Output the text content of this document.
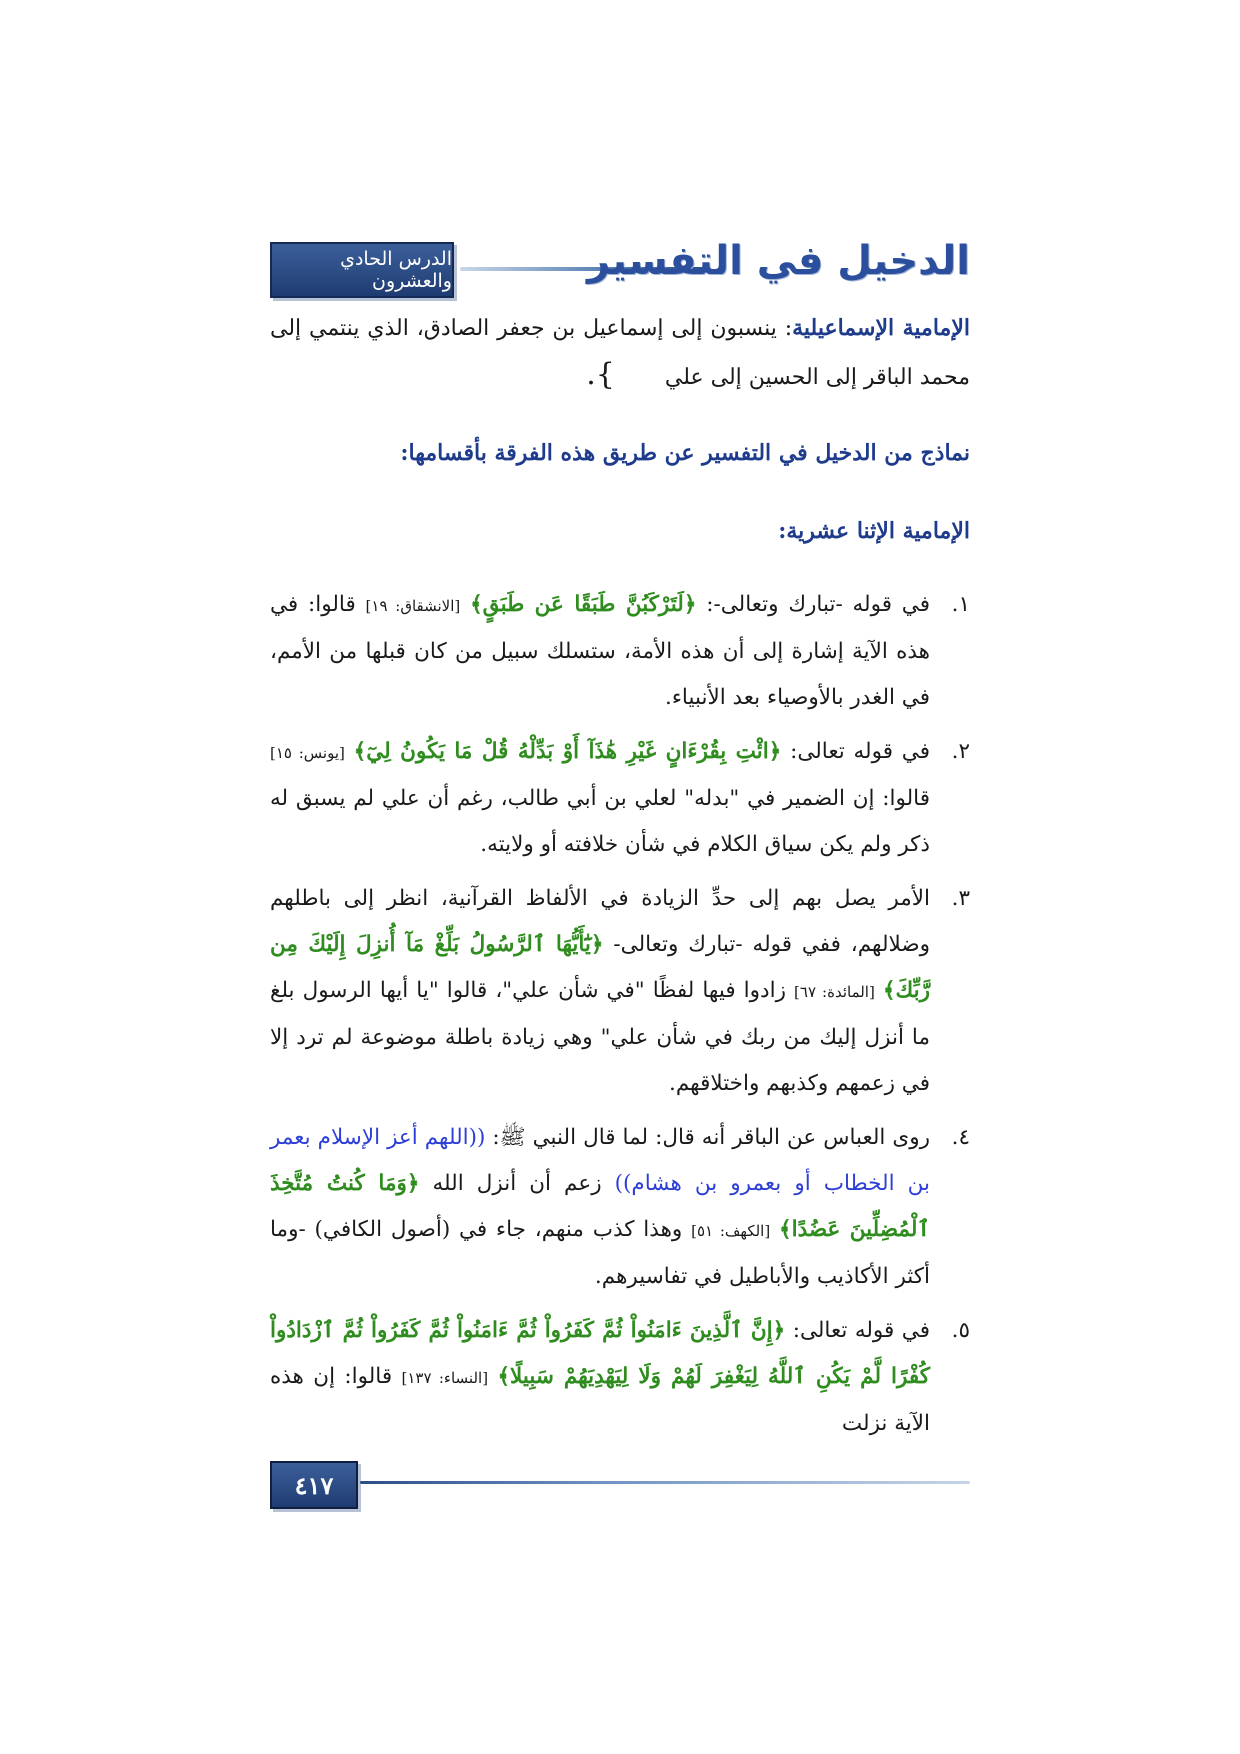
الدرس الحادي والعشرون	الدخيل في التفسير
الإمامية الإسماعيلية: ينسبون إلى إسماعيل بن جعفر الصادق، الذي ينتمي إلى محمد الباقر إلى الحسين إلى علي}.
نماذج من الدخيل في التفسير عن طريق هذه الفرقة بأقسامها:
الإمامية الإثنا عشرية:
١.
في قوله -تبارك وتعالى-: ﴿لَتَرْكَبُنَّ طَبَقًا عَن طَبَقٍ﴾ [الانشقاق: ١٩] قالوا: في هذه الآية إشارة إلى أن هذه الأمة، ستسلك سبيل من كان قبلها من الأمم، في الغدر بالأوصياء بعد الأنبياء.
٢.
في قوله تعالى: ﴿ائْتِ بِقُرْءَانٍ غَيْرِ هَٰذَآ أَوْ بَدِّلْهُ قُلْ مَا يَكُونُ لِيٓ﴾ [يونس: ١٥] قالوا: إن الضمير في "بدله" لعلي بن أبي طالب، رغم أن علي لم يسبق له ذكر ولم يكن سياق الكلام في شأن خلافته أو ولايته.
٣.
الأمر يصل بهم إلى حدِّ الزيادة في الألفاظ القرآنية، انظر إلى باطلهم وضلالهم، ففي قوله -تبارك وتعالى- ﴿يَٰٓأَيُّهَا ٱلرَّسُولُ بَلِّغْ مَآ أُنزِلَ إِلَيْكَ مِن رَّبِّكَ﴾ [المائدة: ٦٧] زادوا فيها لفظًا "في شأن علي"، قالوا "يا أيها الرسول بلغ ما أنزل إليك من ربك في شأن علي" وهي زيادة باطلة موضوعة لم ترد إلا في زعمهم وكذبهم واختلاقهم.
٤.
روى العباس عن الباقر أنه قال: لما قال النبي ﷺ: ((اللهم أعز الإسلام بعمر بن الخطاب أو بعمرو بن هشام)) زعم أن أنزل الله ﴿وَمَا كُنتُ مُتَّخِذَ ٱلْمُضِلِّينَ عَضُدًا﴾ [الكهف: ٥١] وهذا كذب منهم، جاء في (أصول الكافي) -وما أكثر الأكاذيب والأباطيل في تفاسيرهم.
٥.
في قوله تعالى: ﴿إِنَّ ٱلَّذِينَ ءَامَنُواْ ثُمَّ كَفَرُواْ ثُمَّ ءَامَنُواْ ثُمَّ كَفَرُواْ ثُمَّ ٱزْدَادُواْ كُفْرًا لَّمْ يَكُنِ ٱللَّهُ لِيَغْفِرَ لَهُمْ وَلَا لِيَهْدِيَهُمْ سَبِيلًا﴾ [النساء: ١٣٧] قالوا: إن هذه الآية نزلت
٤١٧
